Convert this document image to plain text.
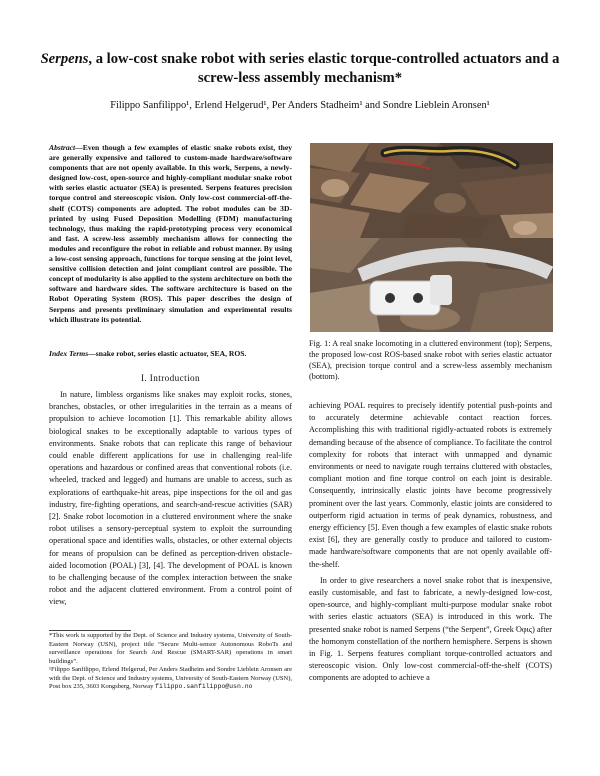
Serpens, a low-cost snake robot with series elastic torque-controlled actuators and a screw-less assembly mechanism*
Filippo Sanfilippo¹, Erlend Helgerud¹, Per Anders Stadheim¹ and Sondre Lieblein Aronsen¹
Abstract—Even though a few examples of elastic snake robots exist, they are generally expensive and tailored to custom-made hardware/software components that are not openly available. In this work, Serpens, a newly-designed low-cost, open-source and highly-compliant modular snake robot with series elastic actuator (SEA) is presented. Serpens features precision torque control and stereoscopic vision. Only low-cost commercial-off-the-shelf (COTS) components are adopted. The robot modules can be 3D-printed by using Fused Deposition Modelling (FDM) manufacturing technology, thus making the rapid-prototyping process very economical and fast. A screw-less assembly mechanism allows for connecting the modules and reconfigure the robot in reliable and robust manner. By using a low-cost sensing approach, functions for torque sensing at the joint level, sensitive collision detection and joint compliant control are possible. The concept of modularity is also applied to the system architecture on both the software and hardware sides. The software architecture is based on the Robot Operating System (ROS). This paper describes the design of Serpens and presents preliminary simulation and experimental results which illustrate its potential.
Index Terms—snake robot, series elastic actuator, SEA, ROS.
I. Introduction

In nature, limbless organisms like snakes may exploit rocks, stones, branches, obstacles, or other irregularities in the terrain as a means of propulsion to achieve locomotion [1]. This remarkable ability allows biological snakes to be exceptionally adaptable to various types of environments. Snake robots that can replicate this range of behaviour could enable different applications for use in challenging real-life operations and hazardous or confined areas that conventional robots (i.e. wheeled, tracked and legged) and humans are unable to access, such as explorations of earthquake-hit areas, pipe inspections for the oil and gas industry, fire-fighting operations, and search-and-rescue activities (SAR) [2]. Snake robot locomotion in a cluttered environment where the snake robot utilises a sensory-perceptual system to exploit the surrounding operational space and identifies walls, obstacles, or other external objects for means of propulsion can be defined as perception-driven obstacle-aided locomotion (POAL) [3], [4]. The development of POAL is known to be challenging because of the complex interaction between the snake robot and the adjacent cluttered environment. From a control point of view,

*This work is supported by the Dept. of Science and Industry systems, University of South-Eastern Norway (USN), project title “Secure Multi-sensor Autonomous RoboTs and surveillance operations for Search And Rescue (SMART-SAR) operations in smart buildings”.
¹Filippo Sanfilippo, Erlend Helgerud, Per Anders Stadheim and Sondre Lieblein Aronsen are with the Dept. of Science and Industry systems, University of South-Eastern Norway (USN), Post box 235, 3603 Kongsberg, Norway filippo.sanfilippo@usn.no
Fig. 1: A real snake locomoting in a cluttered environment (top); Serpens, the proposed low-cost ROS-based snake robot with series elastic actuator (SEA), precision torque control and a screw-less assembly mechanism (bottom).

achieving POAL requires to precisely identify potential push-points and to accurately determine achievable contact reaction forces. Accomplishing this with traditional rigidly-actuated robots is extremely demanding because of the absence of compliance. To facilitate the control complexity for robots that interact with unmapped and dynamic environments or need to navigate rough terrains cluttered with obstacles, compliant motion and fine torque control on each joint is desirable. Consequently, intrinsically elastic joints have become progressively prominent over the last years. Commonly, elastic joints are considered to outperform rigid actuation in terms of peak dynamics, robustness, and energy efficiency [5]. Even though a few examples of elastic snake robots exist [6], they are generally costly to produce and tailored to custom-made hardware/software components that are not openly available off-the-shelf.

In order to give researchers a novel snake robot that is inexpensive, easily customisable, and fast to fabricate, a newly-designed low-cost, open-source, and highly-compliant multi-purpose modular snake robot with series elastic actuators (SEA) is introduced in this work. The presented snake robot is named Serpens (“the Serpent”, Greek Όφις) after the homonym constellation of the northern hemisphere. Serpens is shown in Fig. 1. Serpens features compliant torque-controlled actuators and stereoscopic vision. Only low-cost commercial-off-the-shelf (COTS) components are adopted to achieve a
